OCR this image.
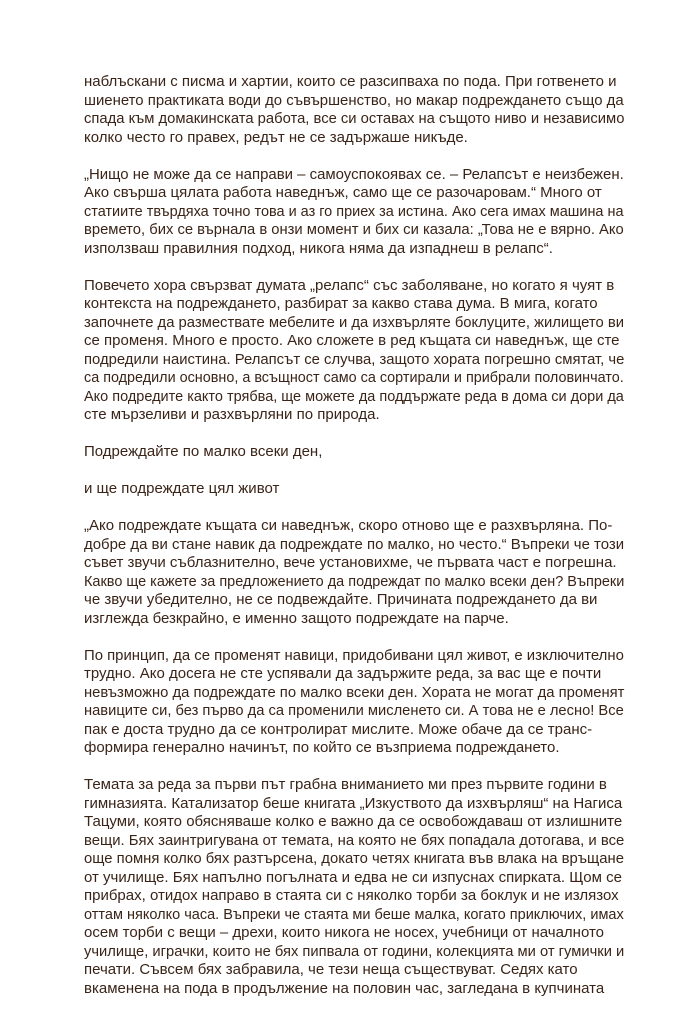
наблъскани с писма и хартии, които се разсипваха по пода. При готвенето и
шиенето практиката води до съвършенство, но макар подреждането също да
спада към домакинската работа, все си оставах на същото ниво и независимо
колко често го правех, редът не се задържаше никъде.
„Нищо не може да се направи – самоуспокоявах се. – Релапсът е неизбежен.
Ако свърша цялата работа наведнъж, само ще се разочаровам.“ Много от
статиите твърдяха точно това и аз го приех за истина. Ако сега имах машина на
времето, бих се върнала в онзи момент и бих си казала: „Това не е вярно. Ако
използваш правилния подход, никога няма да изпаднеш в релапс“.
Повечето хора свързват думата „релапс“ със заболяване, но когато я чуят в
контекста на подреждането, разбират за какво става дума. В мига, когато
започнете да размествате мебелите и да изхвърляте боклуците, жилището ви
се променя. Много е просто. Ако сложете в ред къщата си наведнъж, ще сте
подредили наистина. Релапсът се случва, защото хората погрешно смятат, че
са подредили основно, а всъщност само са сортирали и прибрали половинчато.
Ако подредите както трябва, ще можете да поддържате реда в дома си дори да
сте мързеливи и разхвърляни по природа.
Подреждайте по малко всеки ден,
и ще подреждате цял живот
„Ако подреждате къщата си наведнъж, скоро отново ще е разхвърляна. По-
добре да ви стане навик да подреждате по малко, но често.“ Въпреки че този
съвет звучи съблазнително, вече установихме, че първата част е погрешна.
Какво ще кажете за предложението да подреждат по малко всеки ден? Въпреки
че звучи убедително, не се подвеждайте. Причината подреждането да ви
изглежда безкрайно, е именно защото подреждате на парче.
По принцип, да се променят навици, придобивани цял живот, е изключително
трудно. Ако досега не сте успявали да задържите реда, за вас ще е почти
невъзможно да подреждате по малко всеки ден. Хората не могат да променят
навиците си, без първо да са променили мисленето си. А това не е лесно! Все
пак е доста трудно да се контролират мислите. Може обаче да се транс-
формира генерално начинът, по който се възприема подреждането.
Темата за реда за първи път грабна вниманието ми през първите години в
гимназията. Катализатор беше книгата „Изкуството да изхвърляш“ на Нагиса
Тацуми, която обясняваше колко е важно да се освобождаваш от излишните
вещи. Бях заинтригувана от темата, на която не бях попадала дотогава, и все
още помня колко бях разтърсена, докато четях книгата във влака на връщане
от училище. Бях напълно погълната и едва не си изпуснах спирката. Щом се
прибрах, отидох направо в стаята си с няколко торби за боклук и не излязох
оттам няколко часа. Въпреки че стаята ми беше малка, когато приключих, имах
осем торби с вещи – дрехи, които никога не носех, учебници от началното
училище, играчки, които не бях пипвала от години, колекцията ми от гумички и
печати. Съвсем бях забравила, че тези неща съществуват. Седях като
вкаменена на пода в продължение на половин час, загледана в купчината
